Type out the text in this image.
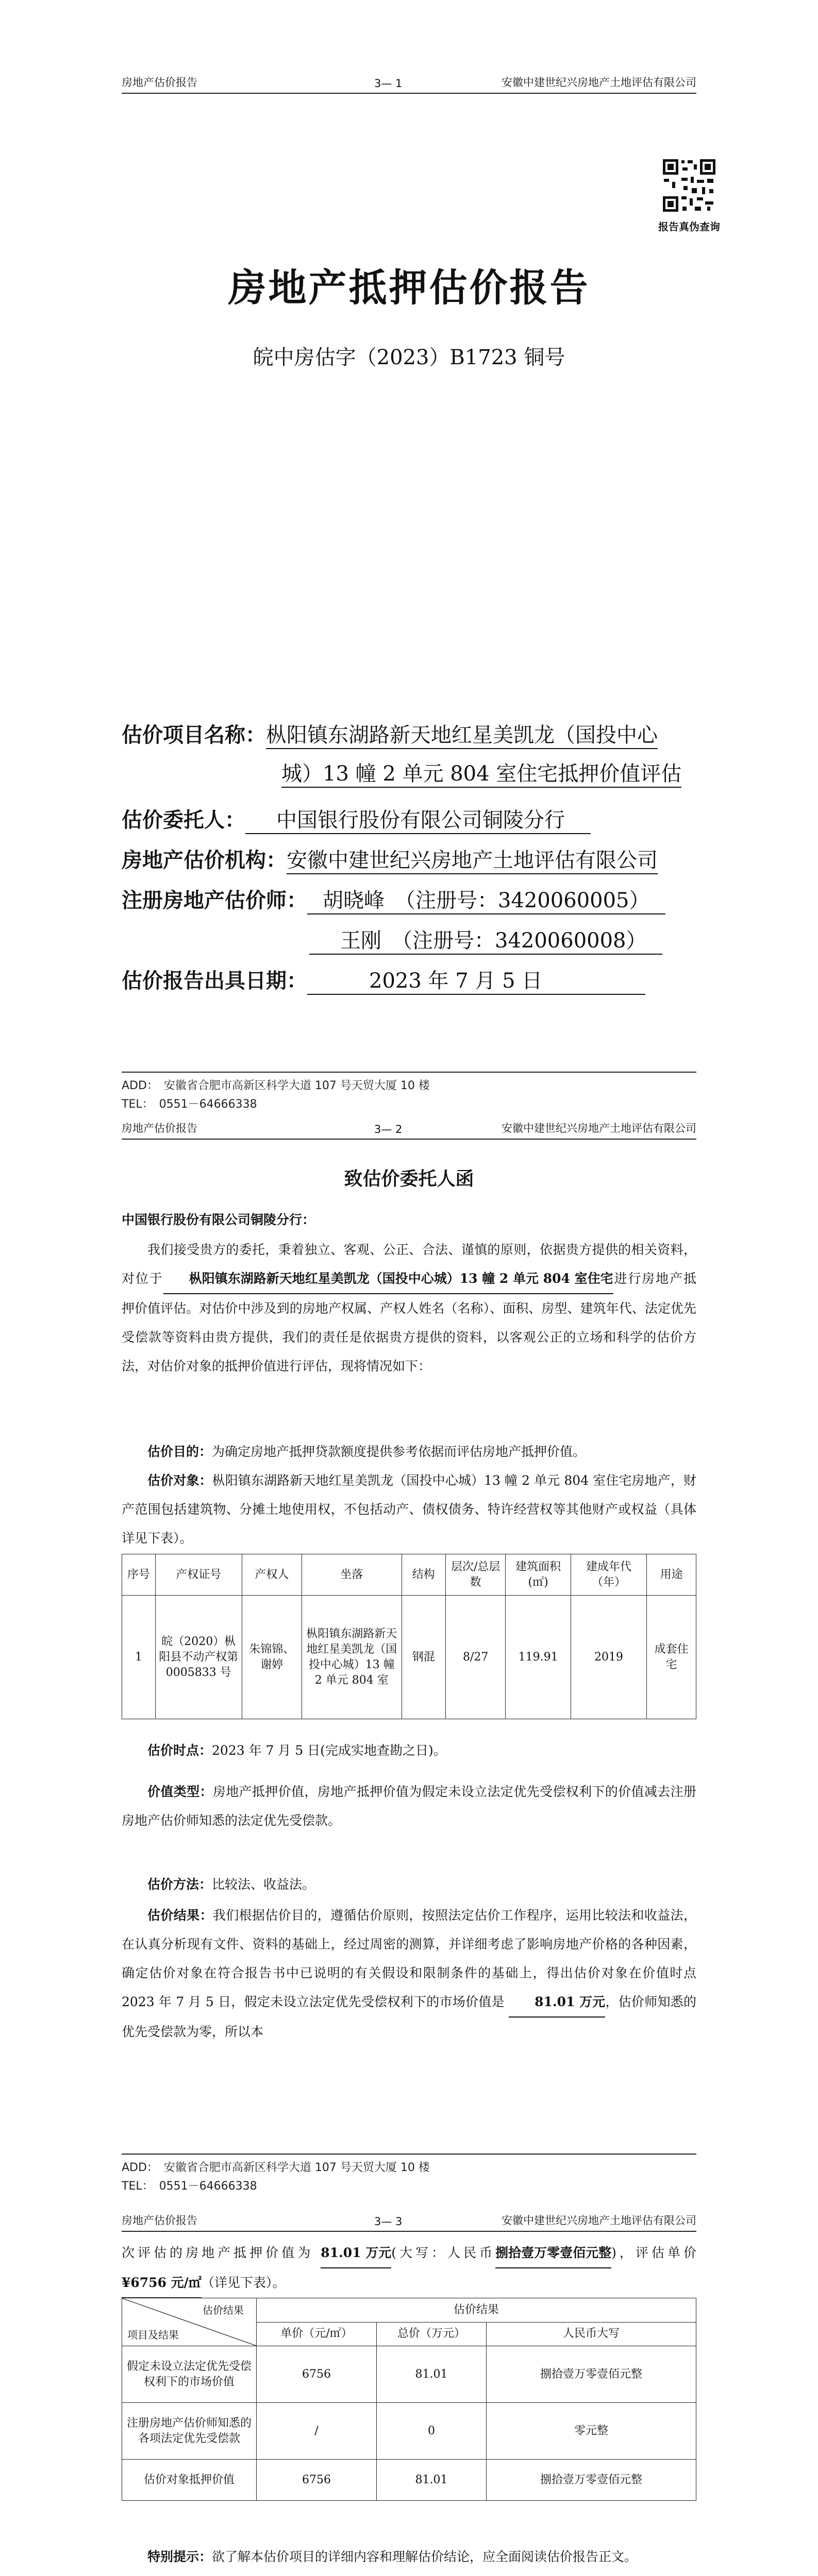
房地产估价报告	3— 1	安徽中建世纪兴房地产土地评估有限公司
报告真伪查询
房地产抵押估价报告
皖中房估字（2023）B1723 铜号
估价项目名称：枞阳镇东湖路新天地红星美凯龙（国投中心
城）13 幢 2 单元 804 室住宅抵押价值评估
估价委托人： 中国银行股份有限公司铜陵分行
房地产估价机构：安徽中建世纪兴房地产土地评估有限公司
注册房地产估价师： 胡晓峰　（注册号：3420060005）
王刚　（注册号：3420060008）
估价报告出具日期：	2023 年 7 月 5 日
ADD：　安徽省合肥市高新区科学大道 107 号天贸大厦 10 楼
TEL：　0551－64666338
房地产估价报告	3— 2	安徽中建世纪兴房地产土地评估有限公司
致估价委托人函
中国银行股份有限公司铜陵分行：
我们接受贵方的委托，秉着独立、客观、公正、合法、谨慎的原则，依据贵方提供的相关资料，对位于 枞阳镇东湖路新天地红星美凯龙（国投中心城）13 幢 2 单元 804 室住宅进行房地产抵押价值评估。对估价中涉及到的房地产权属、产权人姓名（名称）、面积、房型、建筑年代、法定优先受偿款等资料由贵方提供，我们的责任是依据贵方提供的资料，以客观公正的立场和科学的估价方法，对估价对象的抵押价值进行评估，现将情况如下：
估价目的：为确定房地产抵押贷款额度提供参考依据而评估房地产抵押价值。
估价对象：枞阳镇东湖路新天地红星美凯龙（国投中心城）13 幢 2 单元 804 室住宅房地产，财产范围包括建筑物、分摊土地使用权，不包括动产、债权债务、特许经营权等其他财产或权益（具体详见下表）。
序号	产权证号	产权人	坐落	结构	层次/总层数	建筑面积(㎡)	建成年代（年）	用途
1	皖（2020）枞阳县不动产权第0005833 号	朱锦锦、谢婷	枞阳镇东湖路新天地红星美凯龙（国投中心城）13 幢 2 单元 804 室	钢混	8/27	119.91	2019	成套住宅
估价时点：2023 年 7 月 5 日(完成实地查勘之日)。
价值类型：房地产抵押价值，房地产抵押价值为假定未设立法定优先受偿权利下的价值减去注册房地产估价师知悉的法定优先受偿款。
估价方法：比较法、收益法。
估价结果：我们根据估价目的，遵循估价原则，按照法定估价工作程序，运用比较法和收益法，在认真分析现有文件、资料的基础上，经过周密的测算，并详细考虑了影响房地产价格的各种因素，确定估价对象在符合报告书中已说明的有关假设和限制条件的基础上，得出估价对象在价值时点 2023 年 7 月 5 日，假定未设立法定优先受偿权利下的市场价值是 81.01 万元，估价师知悉的优先受偿款为零，所以本
ADD：　安徽省合肥市高新区科学大道 107 号天贸大厦 10 楼
TEL：　0551－64666338
房地产估价报告	3— 3	安徽中建世纪兴房地产土地评估有限公司
次评估的房地产抵押价值为 81.01 万元(大写：人民币捌拾壹万零壹佰元整)，评估单价¥6756 元/㎡（详见下表）。
估价结果
项目及结果	估价结果		
	单价（元/㎡）	总价（万元）	人民币大写
假定未设立法定优先受偿权利下的市场价值	6756	81.01	捌拾壹万零壹佰元整
注册房地产估价师知悉的各项法定优先受偿款	/	0	零元整
估价对象抵押价值	6756	81.01	捌拾壹万零壹佰元整
特别提示：欲了解本估价项目的详细内容和理解估价结论，应全面阅读估价报告正文。
